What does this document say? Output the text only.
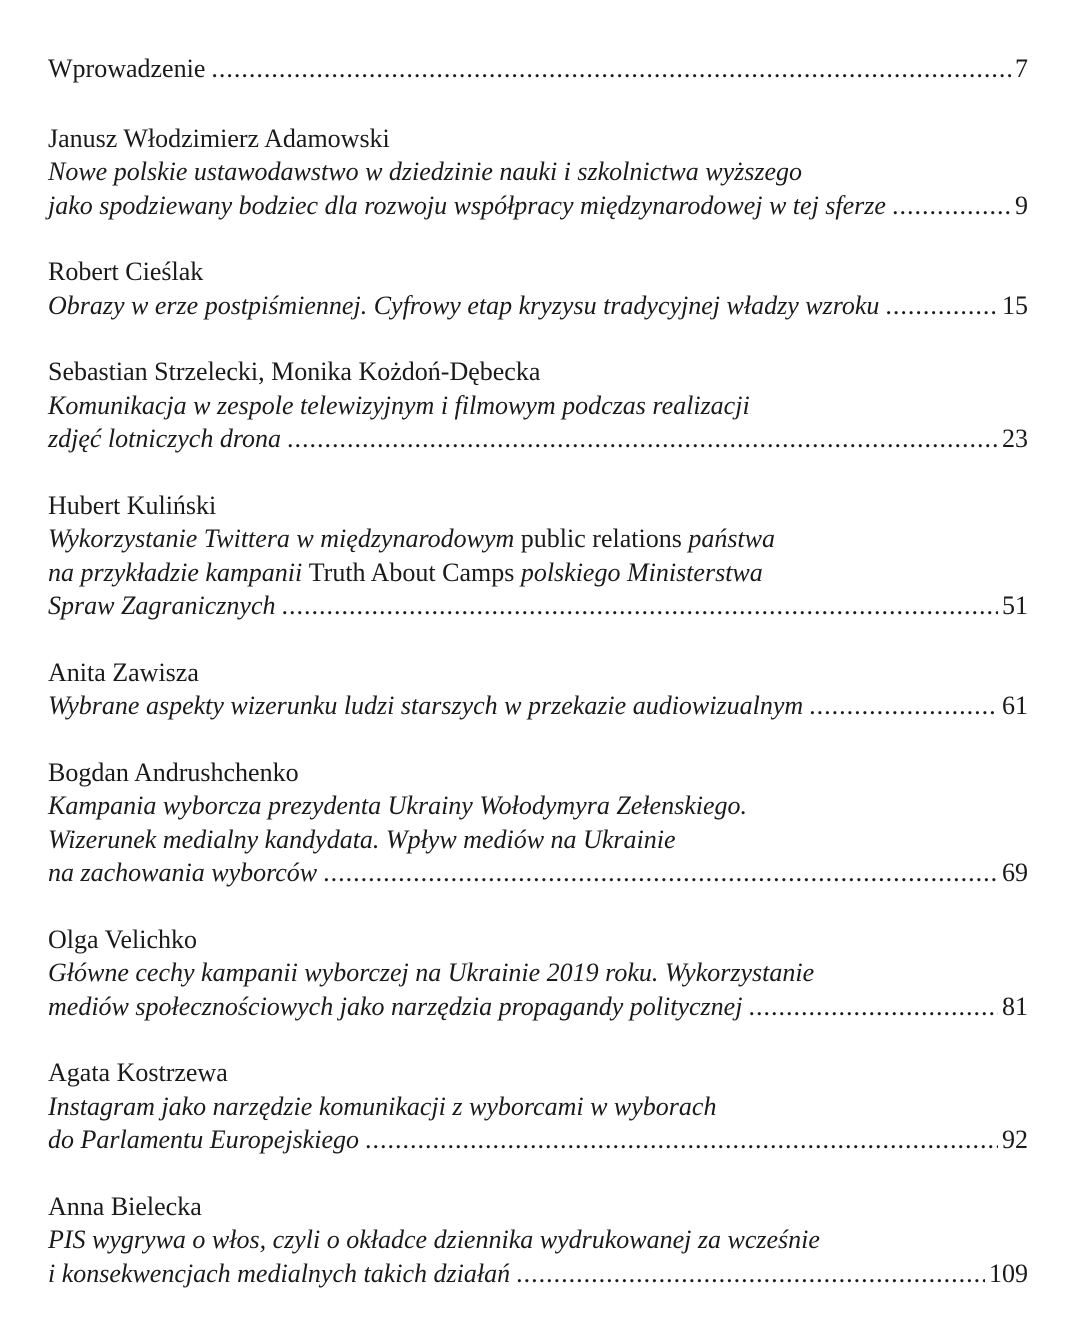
Wprowadzenie .....	7
Janusz Włodzimierz Adamowski
Nowe polskie ustawodawstwo w dziedzinie nauki i szkolnictwa wyższego
jako spodziewany bodziec dla rozwoju współpracy międzynarodowej w tej sferze .....	9
Robert Cieślak
Obrazy w erze postpiśmiennej. Cyfrowy etap kryzysu tradycyjnej władzy wzroku .....	15
Sebastian Strzelecki, Monika Kożdoń-Dębecka
Komunikacja w zespole telewizyjnym i filmowym podczas realizacji
zdjęć lotniczych drona .....	23
Hubert Kuliński
Wykorzystanie Twittera w międzynarodowym public relations państwa
na przykładzie kampanii Truth About Camps polskiego Ministerstwa
Spraw Zagranicznych .....	51
Anita Zawisza
Wybrane aspekty wizerunku ludzi starszych w przekazie audiowizualnym .....	61
Bogdan Andrushchenko
Kampania wyborcza prezydenta Ukrainy Wołodymyra Zełenskiego.
Wizerunek medialny kandydata. Wpływ mediów na Ukrainie
na zachowania wyborców .....	69
Olga Velichko
Główne cechy kampanii wyborczej na Ukrainie 2019 roku. Wykorzystanie
mediów społecznościowych jako narzędzia propagandy politycznej .....	81
Agata Kostrzewa
Instagram jako narzędzie komunikacji z wyborcami w wyborach
do Parlamentu Europejskiego .....	92
Anna Bielecka
PIS wygrywa o włos, czyli o okładce dziennika wydrukowanej za wcześnie
i konsekwencjach medialnych takich działań .....	109
